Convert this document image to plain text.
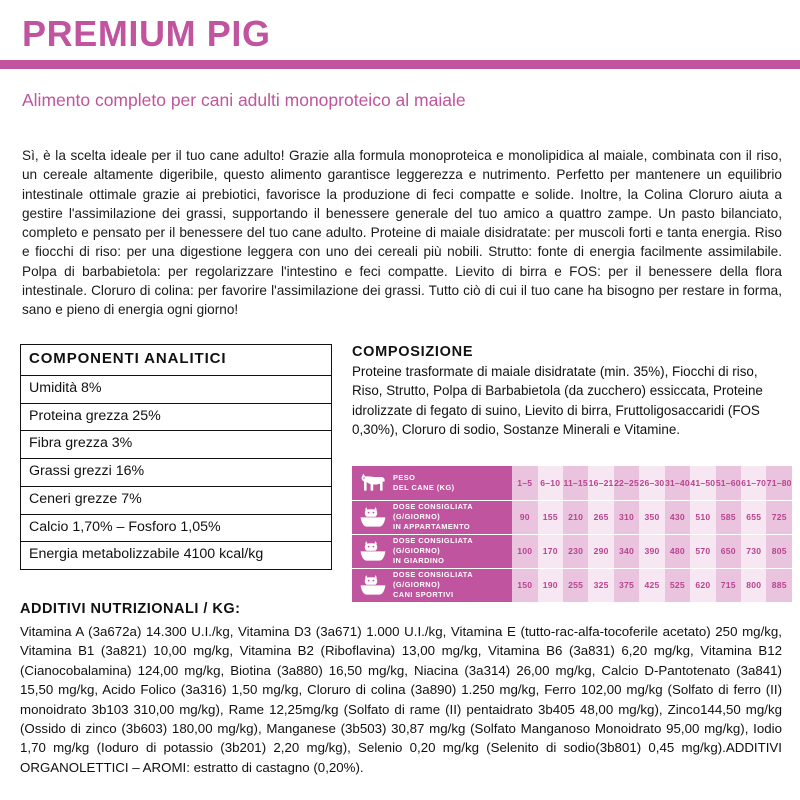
PREMIUM PIG
Alimento completo per cani adulti monoproteico al maiale
Sì, è la scelta ideale per il tuo cane adulto! Grazie alla formula monoproteica e monolipidica al maiale, combinata con il riso, un cereale altamente digeribile, questo alimento garantisce leggerezza e nutrimento. Perfetto per mantenere un equilibrio intestinale ottimale grazie ai prebiotici, favorisce la produzione di feci compatte e solide. Inoltre, la Colina Cloruro aiuta a gestire l'assimilazione dei grassi, supportando il benessere generale del tuo amico a quattro zampe. Un pasto bilanciato, completo e pensato per il benessere del tuo cane adulto. Proteine di maiale disidratate: per muscoli forti e tanta energia. Riso e fiocchi di riso: per una digestione leggera con uno dei cereali più nobili. Strutto: fonte di energia facilmente assimilabile. Polpa di barbabietola: per regolarizzare l'intestino e feci compatte. Lievito di birra e FOS: per il benessere della flora intestinale. Cloruro di colina: per favorire l'assimilazione dei grassi. Tutto ciò di cui il tuo cane ha bisogno per restare in forma, sano e pieno di energia ogni giorno!
COMPONENTI ANALITICI
Umidità 8%
Proteina grezza 25%
Fibra grezza 3%
Grassi grezzi 16%
Ceneri grezze 7%
Calcio 1,70% – Fosforo 1,05%
Energia metabolizzabile 4100 kcal/kg
COMPOSIZIONE
Proteine trasformate di maiale disidratate (min. 35%), Fiocchi di riso, Riso, Strutto, Polpa di Barbabietola (da zucchero) essiccata, Proteine idrolizzate di fegato di suino, Lievito di birra, Fruttoligosaccaridi (FOS 0,30%), Cloruro di sodio, Sostanze Minerali e Vitamine.
PESO
DEL CANE (KG)	1–5	6–10	11–15	16–21	22–25	26–30	31–40	41–50	51–60	61–70	71–80

DOSE CONSIGLIATA
(G/GIORNO)
IN APPARTAMENTO	90	155	210	265	310	350	430	510	585	655	725

DOSE CONSIGLIATA
(G/GIORNO)
IN GIARDINO	100	170	230	290	340	390	480	570	650	730	805

DOSE CONSIGLIATA
(G/GIORNO)
CANI SPORTIVI	150	190	255	325	375	425	525	620	715	800	885
ADDITIVI NUTRIZIONALI / KG:
Vitamina A (3a672a) 14.300 U.I./kg, Vitamina D3 (3a671) 1.000 U.I./kg, Vitamina E (tutto-rac-alfa-tocoferile acetato) 250 mg/kg, Vitamina B1 (3a821) 10,00 mg/kg, Vitamina B2 (Riboflavina) 13,00 mg/kg, Vitamina B6 (3a831) 6,20 mg/kg, Vitamina B12 (Cianocobalamina) 124,00 mg/kg, Biotina (3a880) 16,50 mg/kg, Niacina (3a314) 26,00 mg/kg, Calcio D-Pantotenato (3a841) 15,50 mg/kg, Acido Folico (3a316) 1,50 mg/kg, Cloruro di colina (3a890) 1.250 mg/kg, Ferro 102,00 mg/kg (Solfato di ferro (II) monoidrato 3b103 310,00 mg/kg), Rame 12,25mg/kg (Solfato di rame (II) pentaidrato 3b405 48,00 mg/kg), Zinco144,50 mg/kg (Ossido di zinco (3b603) 180,00 mg/kg), Manganese (3b503) 30,87 mg/kg (Solfato Manganoso Monoidrato 95,00 mg/kg), Iodio 1,70 mg/kg (Ioduro di potassio (3b201) 2,20 mg/kg), Selenio 0,20 mg/kg (Selenito di sodio(3b801) 0,45 mg/kg).ADDITIVI ORGANOLETTICI – AROMI: estratto di castagno (0,20%).
